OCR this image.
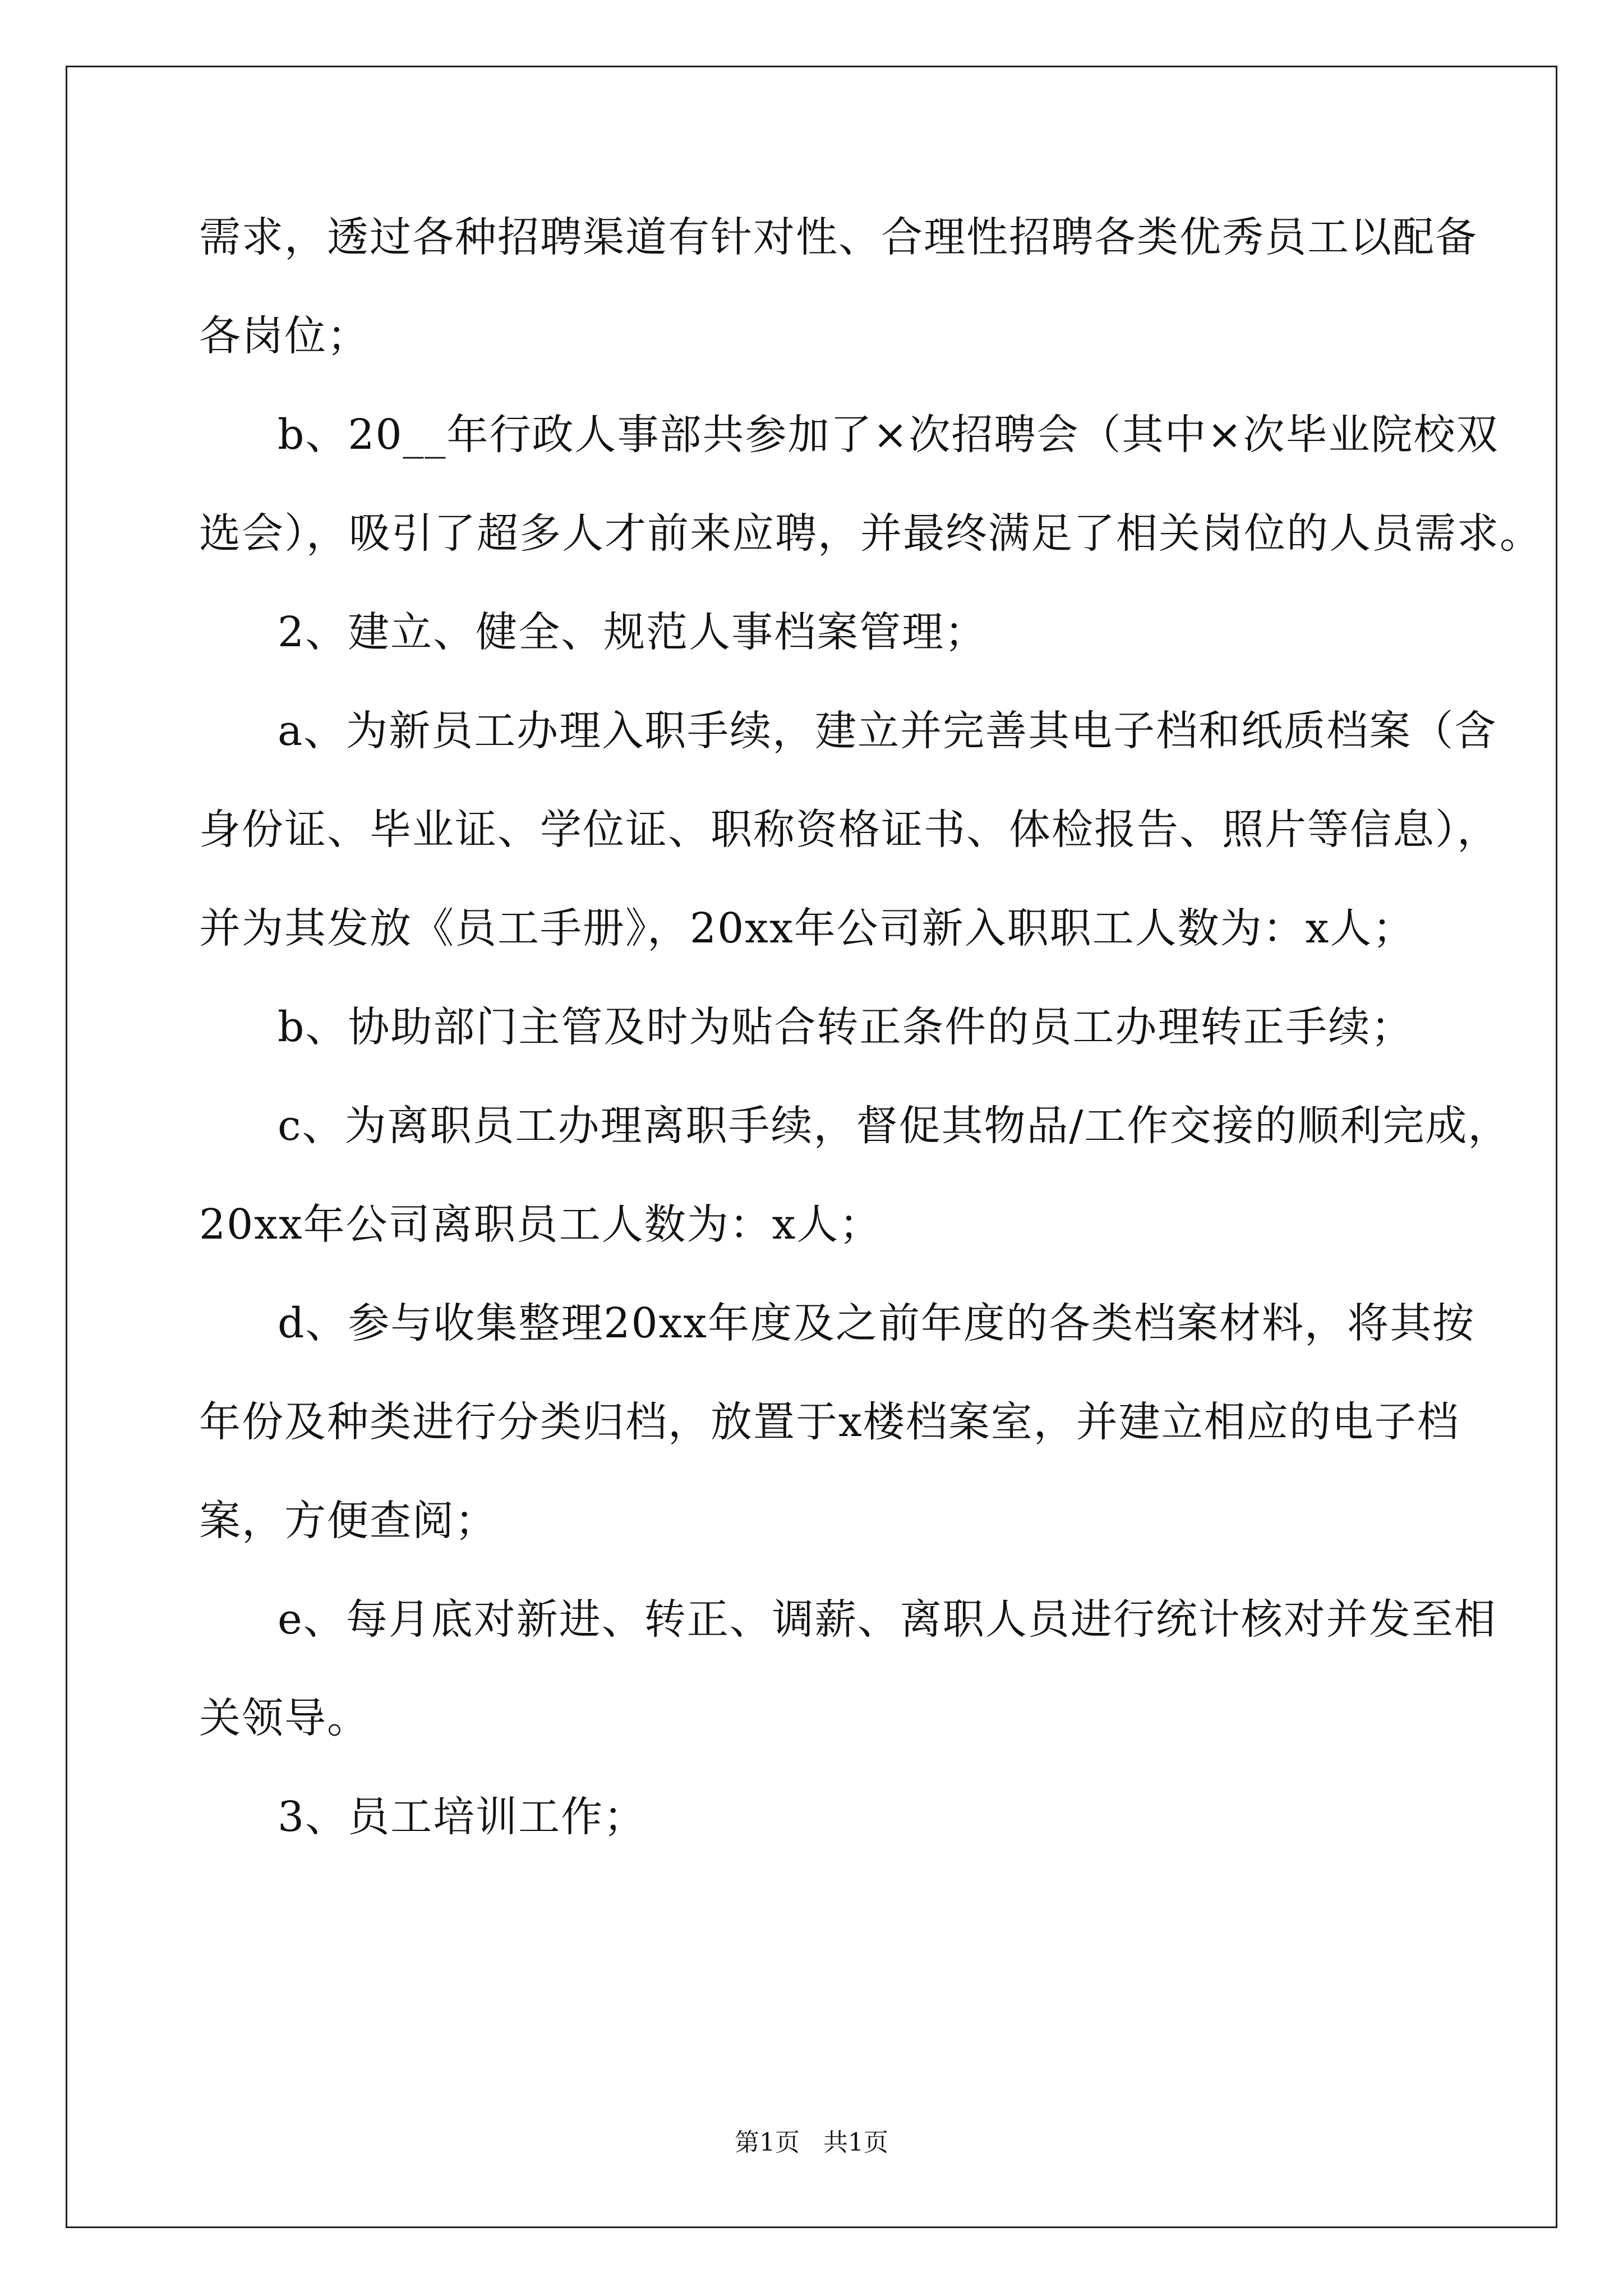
需求，透过各种招聘渠道有针对性、合理性招聘各类优秀员工以配备
各岗位；
b、20__年行政人事部共参加了×次招聘会（其中×次毕业院校双
选会），吸引了超多人才前来应聘，并最终满足了相关岗位的人员需求。
2、建立、健全、规范人事档案管理；
a、为新员工办理入职手续，建立并完善其电子档和纸质档案（含
身份证、毕业证、学位证、职称资格证书、体检报告、照片等信息），
并为其发放《员工手册》，20xx年公司新入职职工人数为：x人；
b、协助部门主管及时为贴合转正条件的员工办理转正手续；
c、为离职员工办理离职手续，督促其物品/工作交接的顺利完成，
20xx年公司离职员工人数为：x人；
d、参与收集整理20xx年度及之前年度的各类档案材料，将其按
年份及种类进行分类归档，放置于x楼档案室，并建立相应的电子档
案，方便查阅；
e、每月底对新进、转正、调薪、离职人员进行统计核对并发至相
关领导。
3、员工培训工作；
第1页 共1页
